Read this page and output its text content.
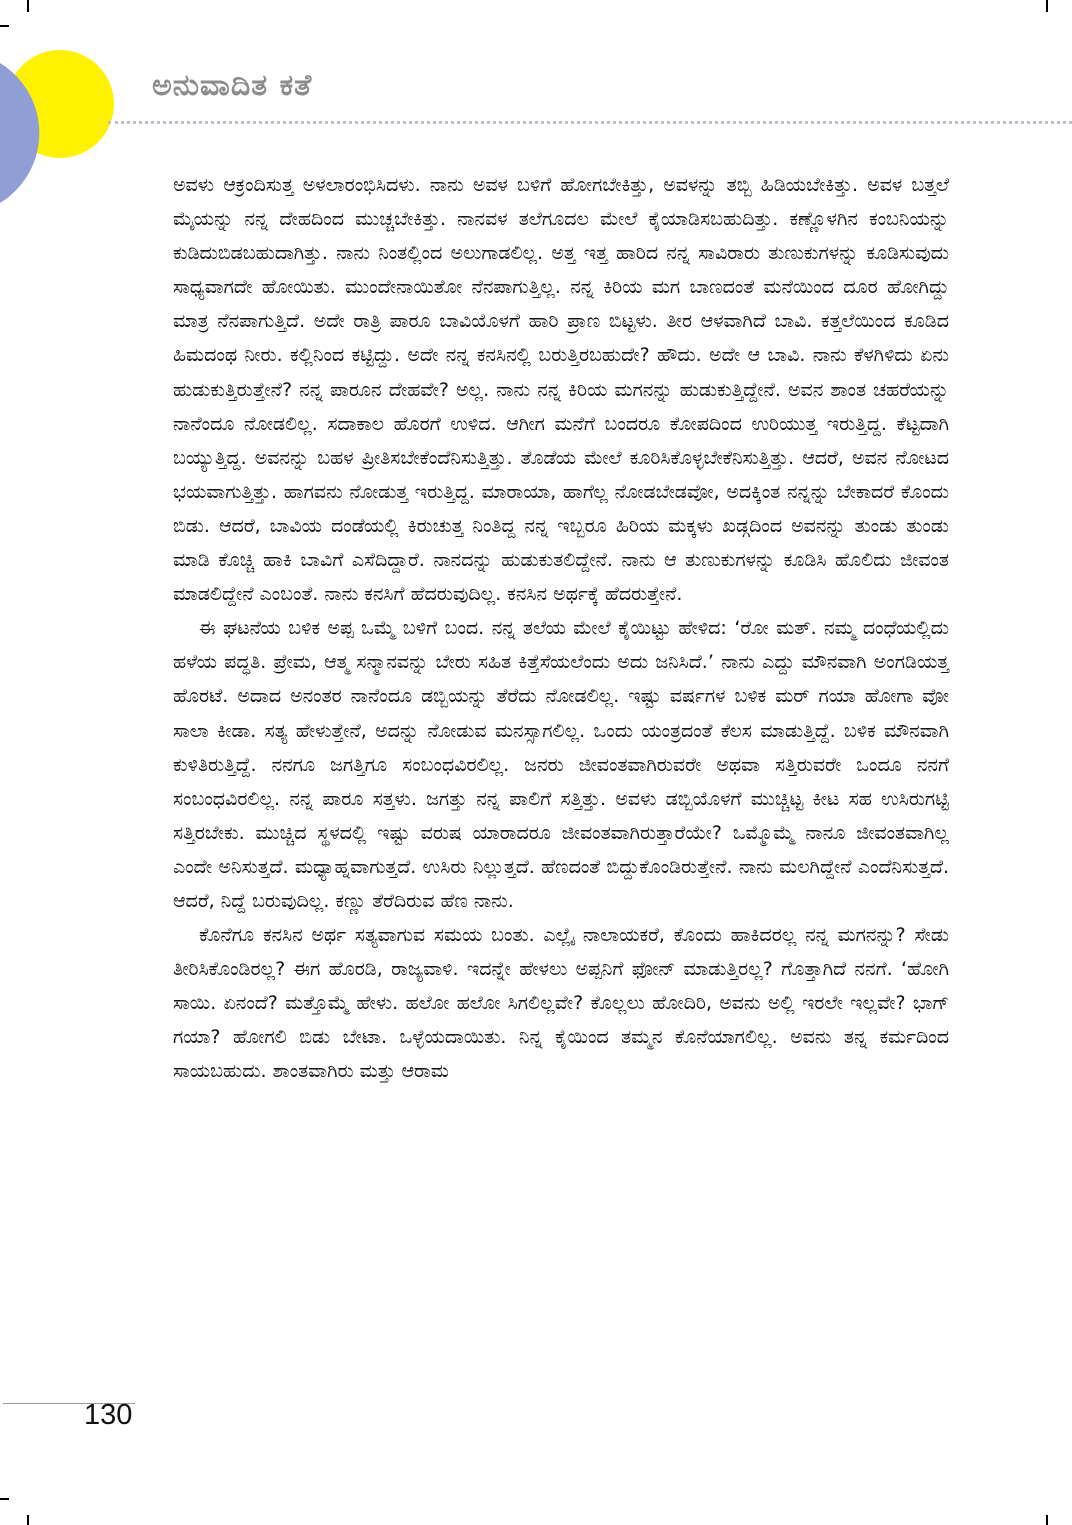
ಅನುವಾದಿತ ಕತೆ

ಅವಳು ಆಕ್ರಂದಿಸುತ್ತ ಅಳಲಾರಂಭಿಸಿದಳು. ನಾನು ಅವಳ ಬಳಿಗೆ ಹೋಗಬೇಕಿತ್ತು, ಅವಳನ್ನು ತಬ್ಬಿ ಹಿಡಿಯಬೇಕಿತ್ತು. ಅವಳ ಬತ್ತಲೆ ಮೈಯನ್ನು ನನ್ನ ದೇಹದಿಂದ ಮುಚ್ಚಬೇಕಿತ್ತು. ನಾನವಳ ತಲೆಗೂದಲ ಮೇಲೆ ಕೈಯಾಡಿಸಬಹುದಿತ್ತು. ಕಣ್ಣೊಳಗಿನ ಕಂಬನಿಯನ್ನು ಕುಡಿದುಬಿಡಬಹುದಾಗಿತ್ತು. ನಾನು ನಿಂತಲ್ಲಿಂದ ಅಲುಗಾಡಲಿಲ್ಲ. ಅತ್ತ ಇತ್ತ ಹಾರಿದ ನನ್ನ ಸಾವಿರಾರು ತುಣುಕುಗಳನ್ನು ಕೂಡಿಸುವುದು ಸಾಧ್ಯವಾಗದೇ ಹೋಯಿತು. ಮುಂದೇನಾಯಿತೋ ನೆನಪಾಗುತ್ತಿಲ್ಲ. ನನ್ನ ಕಿರಿಯ ಮಗ ಬಾಣದಂತೆ ಮನೆಯಿಂದ ದೂರ ಹೋಗಿದ್ದು ಮಾತ್ರ ನೆನಪಾಗುತ್ತಿದೆ. ಅದೇ ರಾತ್ರಿ ಪಾರೂ ಬಾವಿಯೊಳಗೆ ಹಾರಿ ಪ್ರಾಣ ಬಿಟ್ಟಳು. ತೀರ ಆಳವಾಗಿದೆ ಬಾವಿ. ಕತ್ತಲೆಯಿಂದ ಕೂಡಿದ ಹಿಮದಂಥ ನೀರು. ಕಲ್ಲಿನಿಂದ ಕಟ್ಟಿದ್ದು. ಅದೇ ನನ್ನ ಕನಸಿನಲ್ಲಿ ಬರುತ್ತಿರಬಹುದೇ? ಹೌದು. ಅದೇ ಆ ಬಾವಿ. ನಾನು ಕೆಳಗಿಳಿದು ಏನು ಹುಡುಕುತ್ತಿರುತ್ತೇನೆ? ನನ್ನ ಪಾರೂನ ದೇಹವೇ? ಅಲ್ಲ. ನಾನು ನನ್ನ ಕಿರಿಯ ಮಗನನ್ನು ಹುಡುಕುತ್ತಿದ್ದೇನೆ. ಅವನ ಶಾಂತ ಚಹರೆಯನ್ನು ನಾನೆಂದೂ ನೋಡಲಿಲ್ಲ. ಸದಾಕಾಲ ಹೊರಗೆ ಉಳಿದ. ಆಗೀಗ ಮನೆಗೆ ಬಂದರೂ ಕೋಪದಿಂದ ಉರಿಯುತ್ತ ಇರುತ್ತಿದ್ದ. ಕೆಟ್ಟದಾಗಿ ಬಯ್ಯುತ್ತಿದ್ದ. ಅವನನ್ನು ಬಹಳ ಪ್ರೀತಿಸಬೇಕೆಂದೆನಿಸುತ್ತಿತ್ತು. ತೊಡೆಯ ಮೇಲೆ ಕೂರಿಸಿಕೊಳ್ಳಬೇಕೆನಿಸುತ್ತಿತ್ತು. ಆದರೆ, ಅವನ ನೋಟದ ಭಯವಾಗುತ್ತಿತ್ತು. ಹಾಗವನು ನೋಡುತ್ತ ಇರುತ್ತಿದ್ದ. ಮಾರಾಯಾ, ಹಾಗೆಲ್ಲ ನೋಡಬೇಡವೋ, ಅದಕ್ಕಿಂತ ನನ್ನನ್ನು ಬೇಕಾದರೆ ಕೊಂದು ಬಿಡು. ಆದರೆ, ಬಾವಿಯ ದಂಡೆಯಲ್ಲಿ ಕಿರುಚುತ್ತ ನಿಂತಿದ್ದ ನನ್ನ ಇಬ್ಬರೂ ಹಿರಿಯ ಮಕ್ಕಳು ಖಡ್ಗದಿಂದ ಅವನನ್ನು ತುಂಡು ತುಂಡು ಮಾಡಿ ಕೊಚ್ಚಿ ಹಾಕಿ ಬಾವಿಗೆ ಎಸೆದಿದ್ದಾರೆ. ನಾನದನ್ನು ಹುಡುಕುತಲಿದ್ದೇನೆ. ನಾನು ಆ ತುಣುಕುಗಳನ್ನು ಕೂಡಿಸಿ ಹೊಲಿದು ಜೀವಂತ ಮಾಡಲಿದ್ದೇನೆ ಎಂಬಂತೆ. ನಾನು ಕನಸಿಗೆ ಹೆದರುವುದಿಲ್ಲ. ಕನಸಿನ ಅರ್ಥಕ್ಕೆ ಹೆದರುತ್ತೇನೆ.

ಈ ಘಟನೆಯ ಬಳಿಕ ಅಪ್ಪ ಒಮ್ಮೆ ಬಳಿಗೆ ಬಂದ. ನನ್ನ ತಲೆಯ ಮೇಲೆ ಕೈಯಿಟ್ಟು ಹೇಳಿದ: ‘ರೋ ಮತ್. ನಮ್ಮ ದಂಧೆಯಲ್ಲಿದು ಹಳೆಯ ಪದ್ಧತಿ. ಪ್ರೇಮ, ಆತ್ಮ ಸನ್ಮಾನವನ್ನು ಬೇರು ಸಹಿತ ಕಿತ್ತೆಸೆಯಲೆಂದು ಅದು ಜನಿಸಿದೆ.’ ನಾನು ಎದ್ದು ಮೌನವಾಗಿ ಅಂಗಡಿಯತ್ತ ಹೊರಟೆ. ಅದಾದ ಅನಂತರ ನಾನೆಂದೂ ಡಬ್ಬಿಯನ್ನು ತೆರೆದು ನೋಡಲಿಲ್ಲ. ಇಷ್ಟು ವರ್ಷಗಳ ಬಳಿಕ ಮರ್ ಗಯಾ ಹೋಗಾ ವೋ ಸಾಲಾ ಕೀಡಾ. ಸತ್ಯ ಹೇಳುತ್ತೇನೆ, ಅದನ್ನು ನೋಡುವ ಮನಸ್ಸಾಗಲಿಲ್ಲ. ಒಂದು ಯಂತ್ರದಂತೆ ಕೆಲಸ ಮಾಡುತ್ತಿದ್ದೆ. ಬಳಿಕ ಮೌನವಾಗಿ ಕುಳಿತಿರುತ್ತಿದ್ದೆ. ನನಗೂ ಜಗತ್ತಿಗೂ ಸಂಬಂಧವಿರಲಿಲ್ಲ. ಜನರು ಜೀವಂತವಾಗಿರುವರೇ ಅಥವಾ ಸತ್ತಿರುವರೇ ಒಂದೂ ನನಗೆ ಸಂಬಂಧವಿರಲಿಲ್ಲ. ನನ್ನ ಪಾರೂ ಸತ್ತಳು. ಜಗತ್ತು ನನ್ನ ಪಾಲಿಗೆ ಸತ್ತಿತ್ತು. ಅವಳು ಡಬ್ಬಿಯೊಳಗೆ ಮುಚ್ಚಿಟ್ಟ ಕೀಟ ಸಹ ಉಸಿರುಗಟ್ಟಿ ಸತ್ತಿರಬೇಕು. ಮುಚ್ಚಿದ ಸ್ಥಳದಲ್ಲಿ ಇಷ್ಟು ವರುಷ ಯಾರಾದರೂ ಜೀವಂತವಾಗಿರುತ್ತಾರೆಯೇ? ಒಮ್ಮೊಮ್ಮೆ ನಾನೂ ಜೀವಂತವಾಗಿಲ್ಲ ಎಂದೇ ಅನಿಸುತ್ತದೆ. ಮಧ್ಯಾಹ್ನವಾಗುತ್ತದೆ. ಉಸಿರು ನಿಲ್ಲುತ್ತದೆ. ಹೆಣದಂತೆ ಬಿದ್ದುಕೊಂಡಿರುತ್ತೇನೆ. ನಾನು ಮಲಗಿದ್ದೇನೆ ಎಂದೆನಿಸುತ್ತದೆ. ಆದರೆ, ನಿದ್ದೆ ಬರುವುದಿಲ್ಲ. ಕಣ್ಣು ತೆರೆದಿರುವ ಹೆಣ ನಾನು.

ಕೊನೆಗೂ ಕನಸಿನ ಅರ್ಥ ಸತ್ಯವಾಗುವ ಸಮಯ ಬಂತು. ಎಲ್ಲೈ ನಾಲಾಯಕರೆ, ಕೊಂದು ಹಾಕಿದರಲ್ಲ ನನ್ನ ಮಗನನ್ನು? ಸೇಡು ತೀರಿಸಿಕೊಂಡಿರಲ್ಲ? ಈಗ ಹೊರಡಿ, ರಾಜ್ಯವಾಳಿ. ಇದನ್ನೇ ಹೇಳಲು ಅಪ್ಪನಿಗೆ ಫೋನ್ ಮಾಡುತ್ತಿರಲ್ಲ? ಗೊತ್ತಾಗಿದೆ ನನಗೆ. ‘ಹೋಗಿ ಸಾಯಿ. ಏನಂದೆ? ಮತ್ತೊಮ್ಮೆ ಹೇಳು. ಹಲೋ ಹಲೋ ಸಿಗಲಿಲ್ಲವೇ? ಕೊಲ್ಲಲು ಹೋದಿರಿ, ಅವನು ಅಲ್ಲಿ ಇರಲೇ ಇಲ್ಲವೇ? ಭಾಗ್ ಗಯಾ? ಹೋಗಲಿ ಬಿಡು ಬೇಟಾ. ಒಳ್ಳೆಯದಾಯಿತು. ನಿನ್ನ ಕೈಯಿಂದ ತಮ್ಮನ ಕೊನೆಯಾಗಲಿಲ್ಲ. ಅವನು ತನ್ನ ಕರ್ಮದಿಂದ ಸಾಯಬಹುದು. ಶಾಂತವಾಗಿರು ಮತ್ತು ಆರಾಮ

130
